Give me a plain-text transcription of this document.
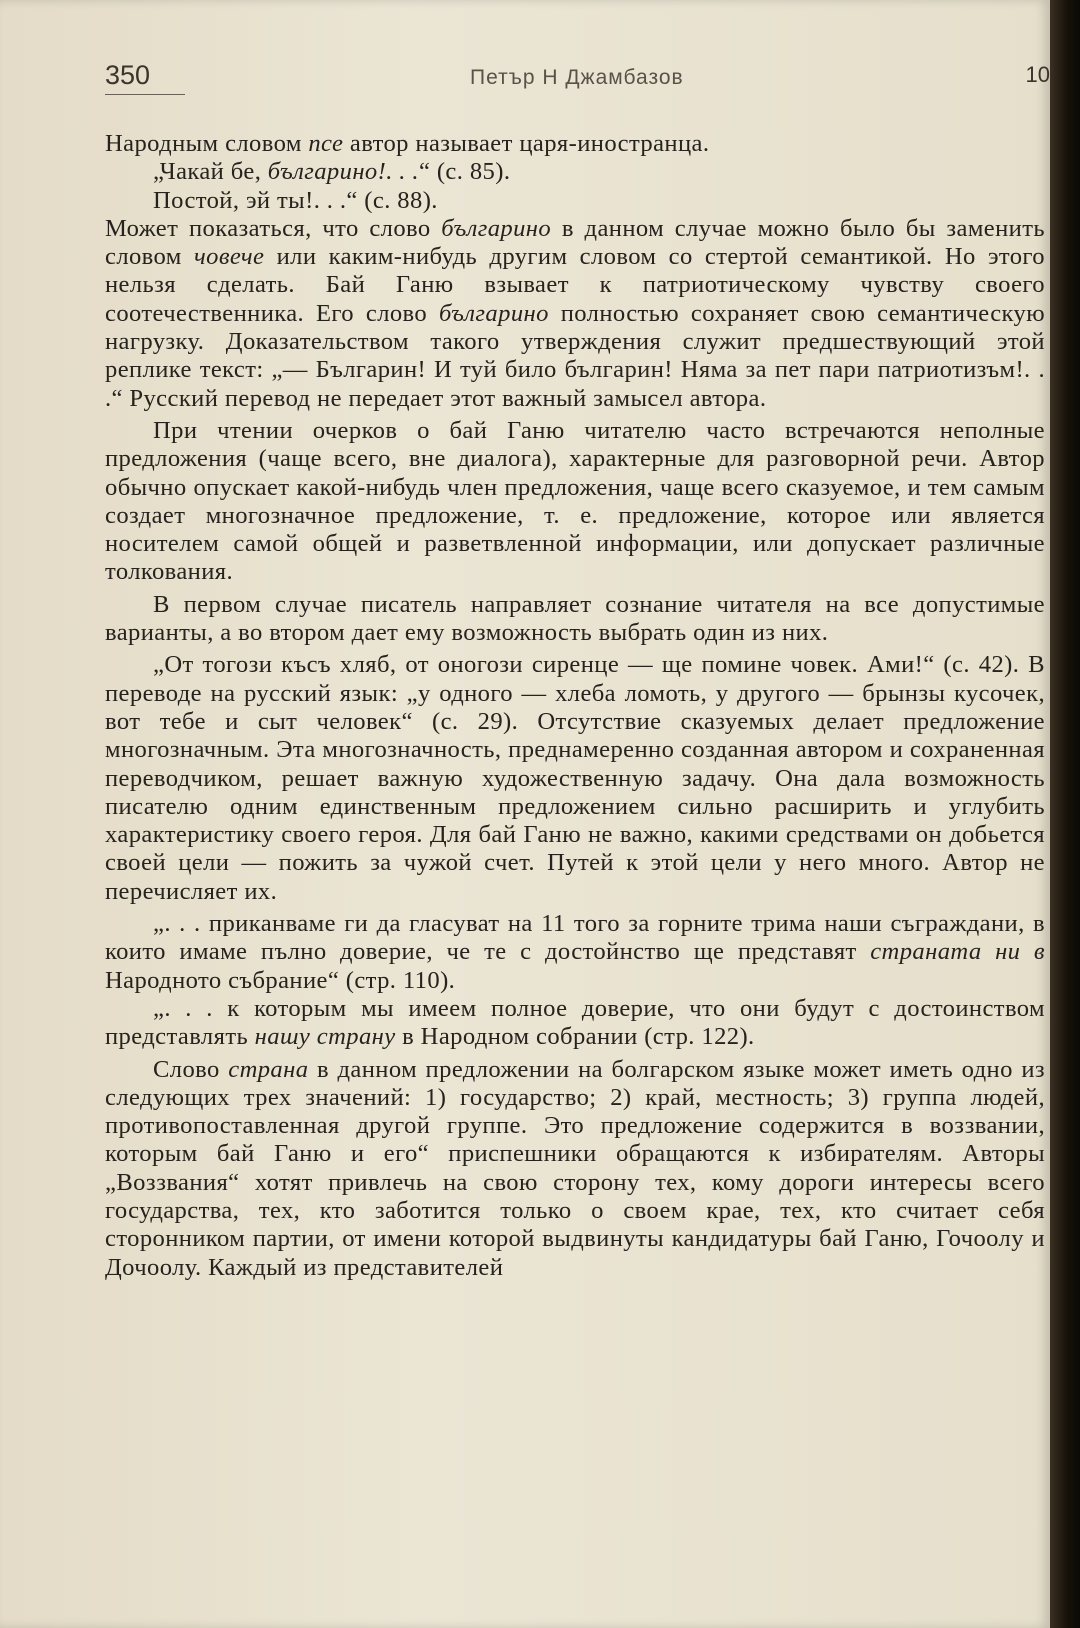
350	Петър Н Джамбазов	10

Народным словом псе автор называет царя-иностранца.

„Чакай бе, българино!. . .“ (с. 85).

Постой, эй ты!. . .“ (с. 88).

Может показаться, что слово българино в данном случае можно было бы заменить словом човече или каким-нибудь другим словом со стертой семантикой. Но этого нельзя сделать. Бай Ганю взывает к патриотическому чувству своего соотечественника. Его слово българино полностью сохраняет свою семантическую нагрузку. Доказательством такого утверждения служит предшествующий этой реплике текст: „— Българин! И туй било българин! Няма за пет пари патриотизъм!. . .“ Русский перевод не передает этот важный замысел автора.

При чтении очерков о бай Ганю читателю часто встречаются неполные предложения (чаще всего, вне диалога), характерные для разговорной речи. Автор обычно опускает какой-нибудь член предложения, чаще всего сказуемое, и тем самым создает многозначное предложение, т. е. предложение, которое или является носителем самой общей и разветвленной информации, или допускает различные толкования.

В первом случае писатель направляет сознание читателя на все допустимые варианты, а во втором дает ему возможность выбрать один из них.

„От тогози късъ хляб, от оногози сиренце — ще помине човек. Ами!“ (с. 42). В переводе на русский язык: „у одного — хлеба ломоть, у другого — брынзы кусочек, вот тебе и сыт человек“ (с. 29). Отсутствие сказуемых делает предложение многозначным. Эта многозначность, преднамеренно созданная автором и сохраненная переводчиком, решает важную художественную задачу. Она дала возможность писателю одним единственным предложением сильно расширить и углубить характеристику своего героя. Для бай Ганю не важно, какими средствами он добьется своей цели — пожить за чужой счет. Путей к этой цели у него много. Автор не перечисляет их.

„. . . приканваме ги да гласуват на 11 того за горните трима наши съграждани, в които имаме пълно доверие, че те с достойнство ще представят страната ни в Народното събрание“ (стр. 110).

„. . . к которым мы имеем полное доверие, что они будут с достоинством представлять нашу страну в Народном собрании (стр. 122).

Слово страна в данном предложении на болгарском языке может иметь одно из следующих трех значений: 1) государство; 2) край, местность; 3) группа людей, противопоставленная другой группе. Это предложение содержится в воззвании, которым бай Ганю и его“ приспешники обращаются к избирателям. Авторы „Воззвания“ хотят привлечь на свою сторону тех, кому дороги интересы всего государства, тех, кто заботится только о своем крае, тех, кто считает себя сторонником партии, от имени которой выдвинуты кандидатуры бай Ганю, Гочоолу и Дочоолу. Каждый из представителей
